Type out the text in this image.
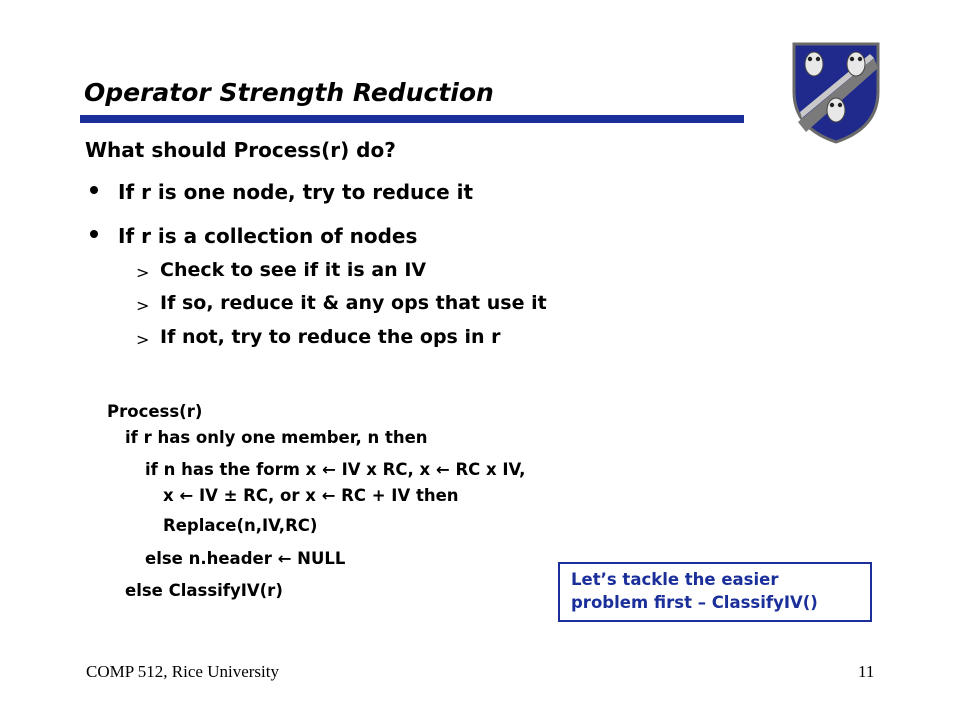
Operator Strength Reduction
What should Process(r) do?
If r is one node, try to reduce it
If r is a collection of nodes
> Check to see if it is an IV
> If so, reduce it & any ops that use it
> If not, try to reduce the ops in r
Process(r)
if r has only one member, n then
if n has the form x ← IV x RC, x ← RC x IV,
x ← IV ± RC, or x ← RC + IV then
Replace(n,IV,RC)
else n.header ← NULL
else ClassifyIV(r)
Let’s tackle the easier
problem first – ClassifyIV()
COMP 512, Rice University	11
